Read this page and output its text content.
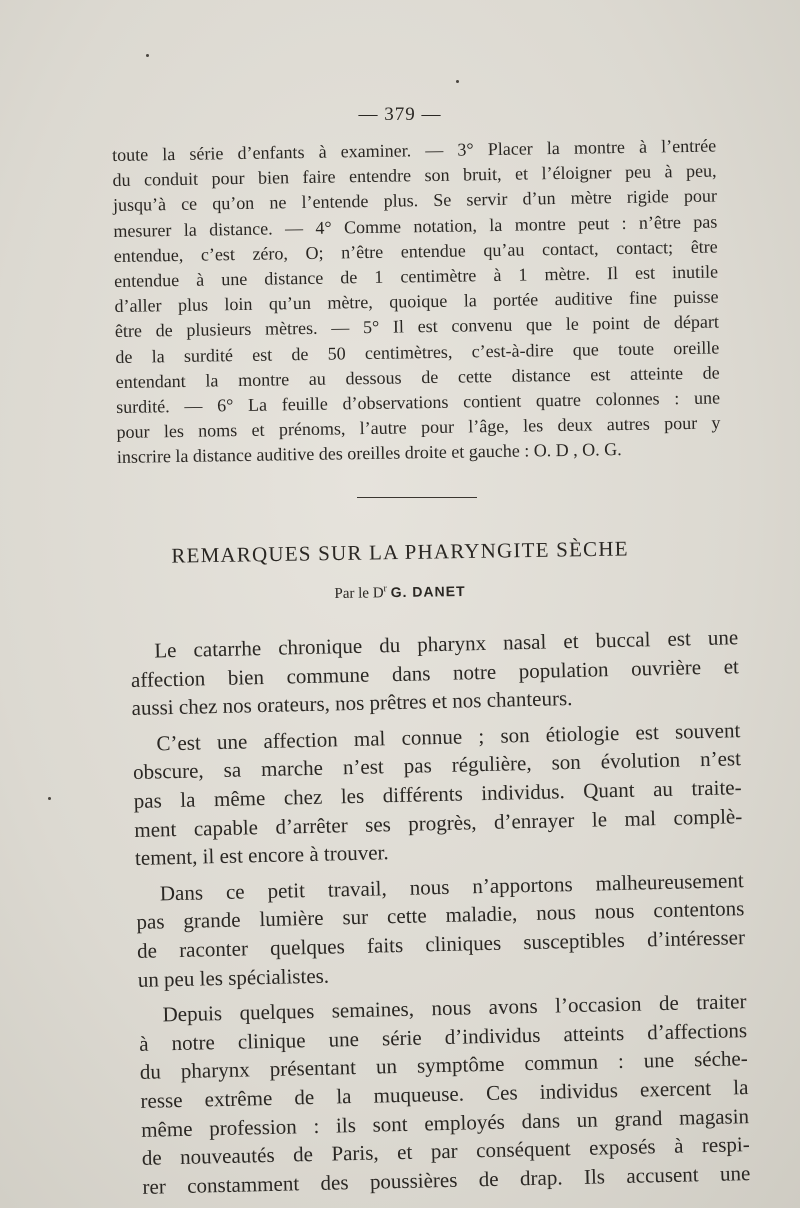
— 379 —
toute la série d’enfants à examiner. — 3° Placer la montre à l’entrée
du conduit pour bien faire entendre son bruit, et l’éloigner peu à peu,
jusqu’à ce qu’on ne l’entende plus. Se servir d’un mètre rigide pour
mesurer la distance. — 4° Comme notation, la montre peut : n’être pas
entendue, c’est zéro, O; n’être entendue qu’au contact, contact; être
entendue à une distance de 1 centimètre à 1 mètre. Il est inutile
d’aller plus loin qu’un mètre, quoique la portée auditive fine puisse
être de plusieurs mètres. — 5° Il est convenu que le point de départ
de la surdité est de 50 centimètres, c’est-à-dire que toute oreille
entendant la montre au dessous de cette distance est atteinte de
surdité. — 6° La feuille d’observations contient quatre colonnes : une
pour les noms et prénoms, l’autre pour l’âge, les deux autres pour y
inscrire la distance auditive des oreilles droite et gauche : O. D , O. G.
REMARQUES SUR LA PHARYNGITE SÈCHE
Par le $D^r$ G. DANET
Le catarrhe chronique du pharynx nasal et buccal est une
affection bien commune dans notre population ouvrière et
aussi chez nos orateurs, nos prêtres et nos chanteurs.
C’est une affection mal connue ; son étiologie est souvent
obscure, sa marche n’est pas régulière, son évolution n’est
pas la même chez les différents individus. Quant au traite-
ment capable d’arrêter ses progrès, d’enrayer le mal complè-
tement, il est encore à trouver.
Dans ce petit travail, nous n’apportons malheureusement
pas grande lumière sur cette maladie, nous nous contentons
de raconter quelques faits cliniques susceptibles d’intéresser
un peu les spécialistes.
Depuis quelques semaines, nous avons l’occasion de traiter
à notre clinique une série d’individus atteints d’affections
du pharynx présentant un symptôme commun : une séche-
resse extrême de la muqueuse. Ces individus exercent la
même profession : ils sont employés dans un grand magasin
de nouveautés de Paris, et par conséquent exposés à respi-
rer constamment des poussières de drap. Ils accusent une
